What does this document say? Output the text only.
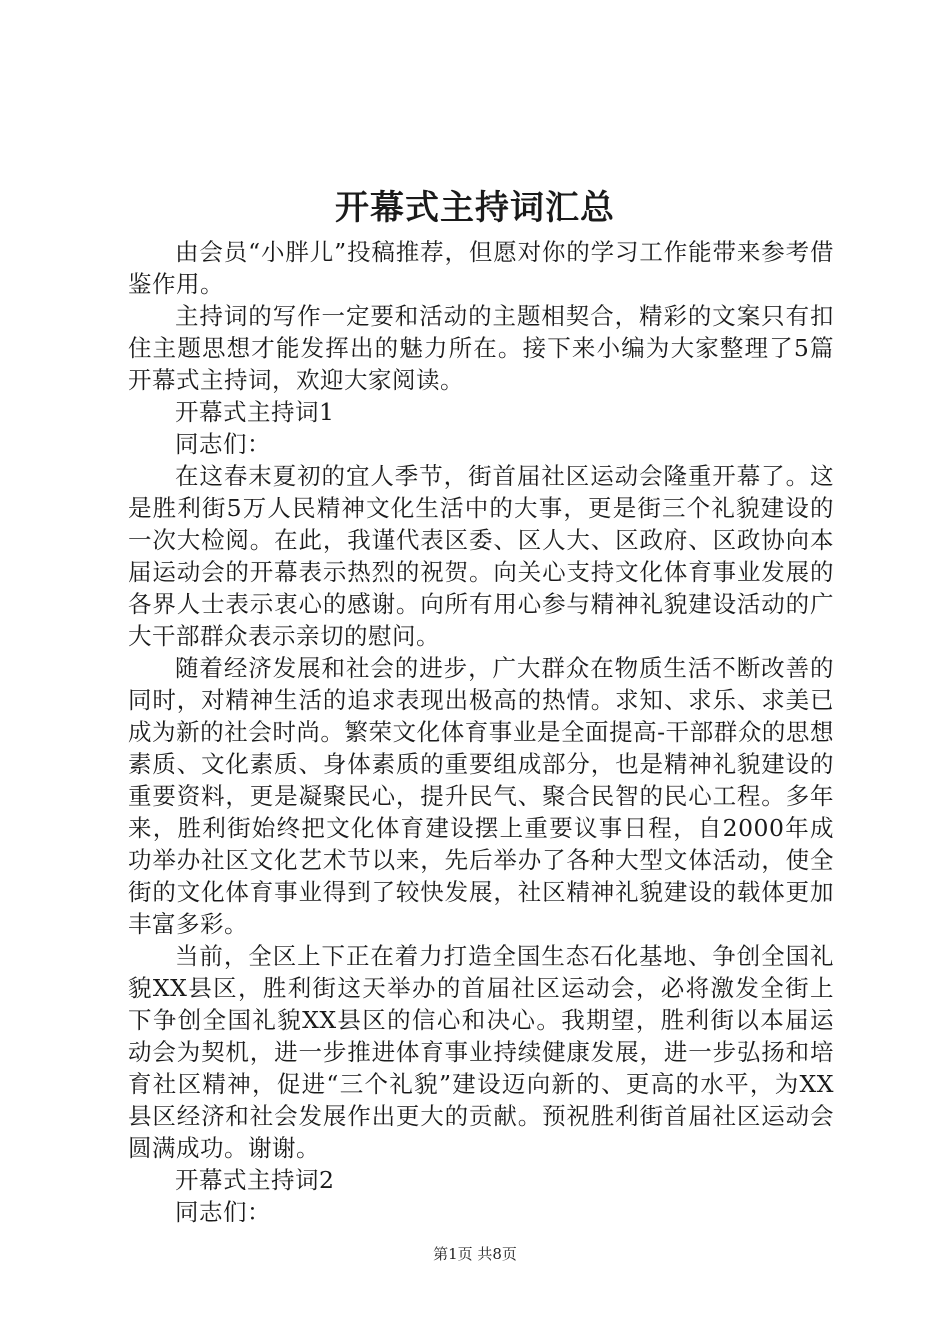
开幕式主持词汇总

由会员“小胖儿”投稿推荐，但愿对你的学习工作能带来参考借鉴作用。

主持词的写作一定要和活动的主题相契合，精彩的文案只有扣住主题思想才能发挥出的魅力所在。接下来小编为大家整理了5篇开幕式主持词，欢迎大家阅读。

开幕式主持词1

同志们：

在这春末夏初的宜人季节，街首届社区运动会隆重开幕了。这是胜利街5万人民精神文化生活中的大事，更是街三个礼貌建设的一次大检阅。在此，我谨代表区委、区人大、区政府、区政协向本届运动会的开幕表示热烈的祝贺。向关心支持文化体育事业发展的各界人士表示衷心的感谢。向所有用心参与精神礼貌建设活动的广大干部群众表示亲切的慰问。

随着经济发展和社会的进步，广大群众在物质生活不断改善的同时，对精神生活的追求表现出极高的热情。求知、求乐、求美已成为新的社会时尚。繁荣文化体育事业是全面提高-干部群众的思想素质、文化素质、身体素质的重要组成部分，也是精神礼貌建设的重要资料，更是凝聚民心，提升民气、聚合民智的民心工程。多年来，胜利街始终把文化体育建设摆上重要议事日程，自2000年成功举办社区文化艺术节以来，先后举办了各种大型文体活动，使全街的文化体育事业得到了较快发展，社区精神礼貌建设的载体更加丰富多彩。

当前，全区上下正在着力打造全国生态石化基地、争创全国礼貌XX县区，胜利街这天举办的首届社区运动会，必将激发全街上下争创全国礼貌XX县区的信心和决心。我期望，胜利街以本届运动会为契机，进一步推进体育事业持续健康发展，进一步弘扬和培育社区精神，促进“三个礼貌”建设迈向新的、更高的水平，为XX县区经济和社会发展作出更大的贡献。预祝胜利街首届社区运动会圆满成功。谢谢。

开幕式主持词2

同志们：

第1页 共8页
